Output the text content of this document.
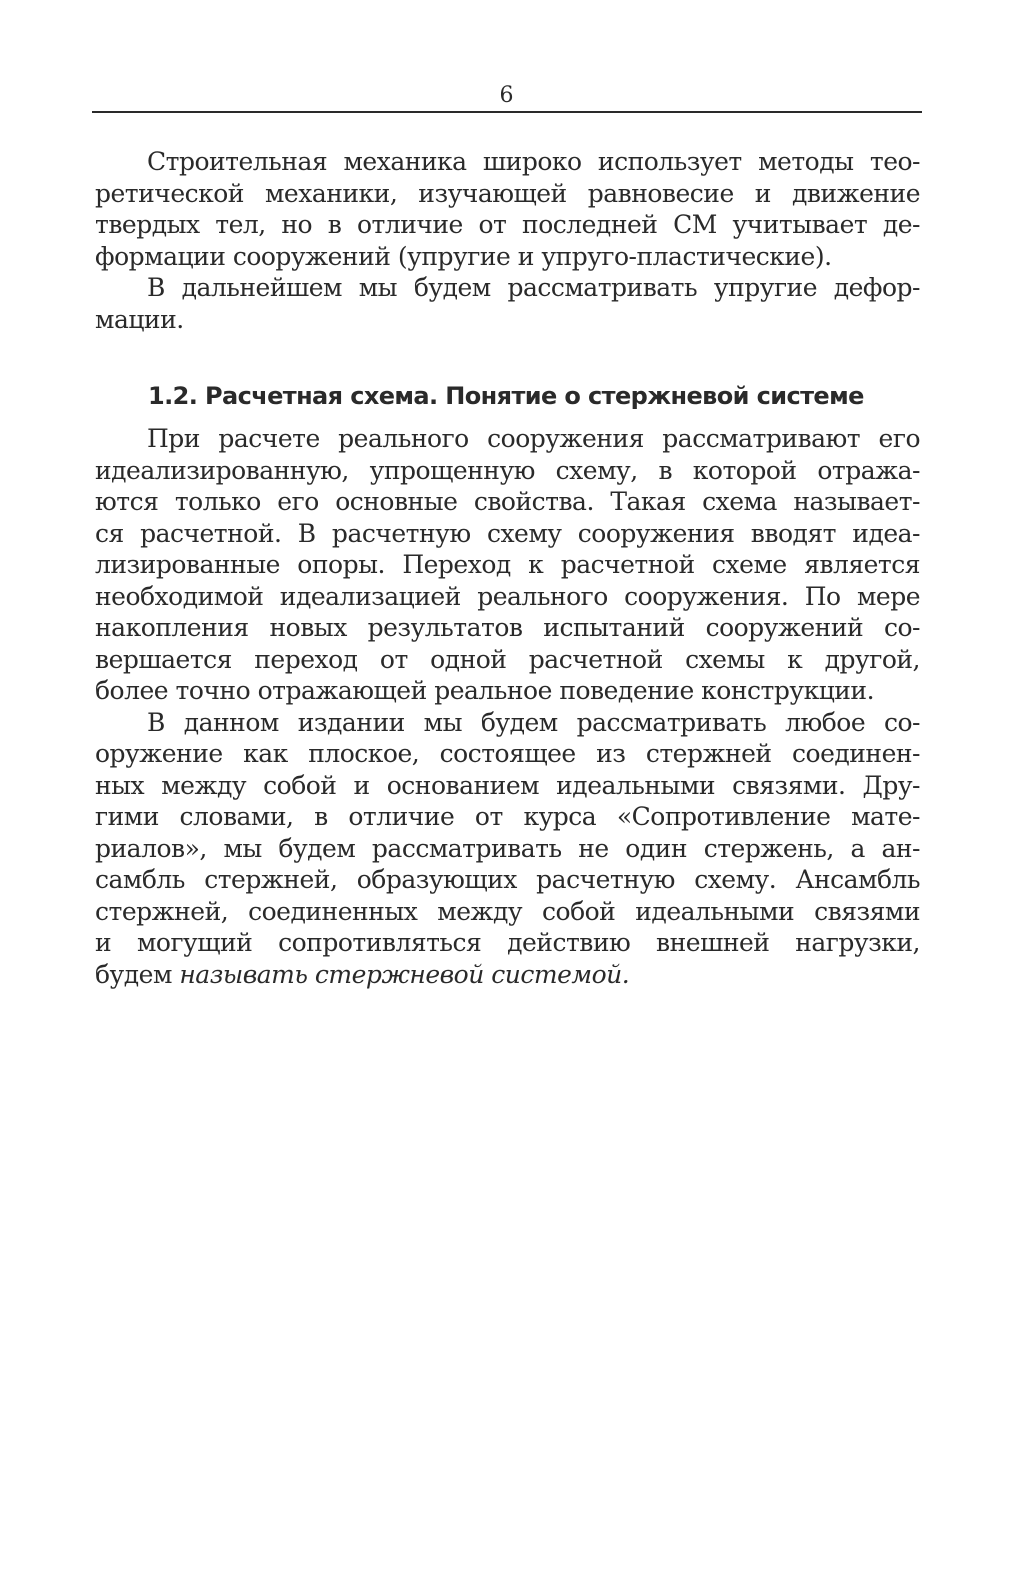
6

Строительная механика широко использует методы тео-
ретической механики, изучающей равновесие и движение
твердых тел, но в отличие от последней СМ учитывает де-
формации сооружений (упругие и упруго-пластические).

В дальнейшем мы будем рассматривать упругие дефор-
мации.

1.2. Расчетная схема. Понятие о стержневой системе

При расчете реального сооружения рассматривают его
идеализированную, упрощенную схему, в которой отража-
ются только его основные свойства. Такая схема называет-
ся расчетной. В расчетную схему сооружения вводят идеа-
лизированные опоры. Переход к расчетной схеме является
необходимой идеализацией реального сооружения. По мере
накопления новых результатов испытаний сооружений со-
вершается переход от одной расчетной схемы к другой,
более точно отражающей реальное поведение конструкции.

В данном издании мы будем рассматривать любое со-
оружение как плоское, состоящее из стержней соединен-
ных между собой и основанием идеальными связями. Дру-
гими словами, в отличие от курса «Сопротивление мате-
риалов», мы будем рассматривать не один стержень, а ан-
самбль стержней, образующих расчетную схему. Ансамбль
стержней, соединенных между собой идеальными связями
и могущий сопротивляться действию внешней нагрузки,
будем называть стержневой системой.
